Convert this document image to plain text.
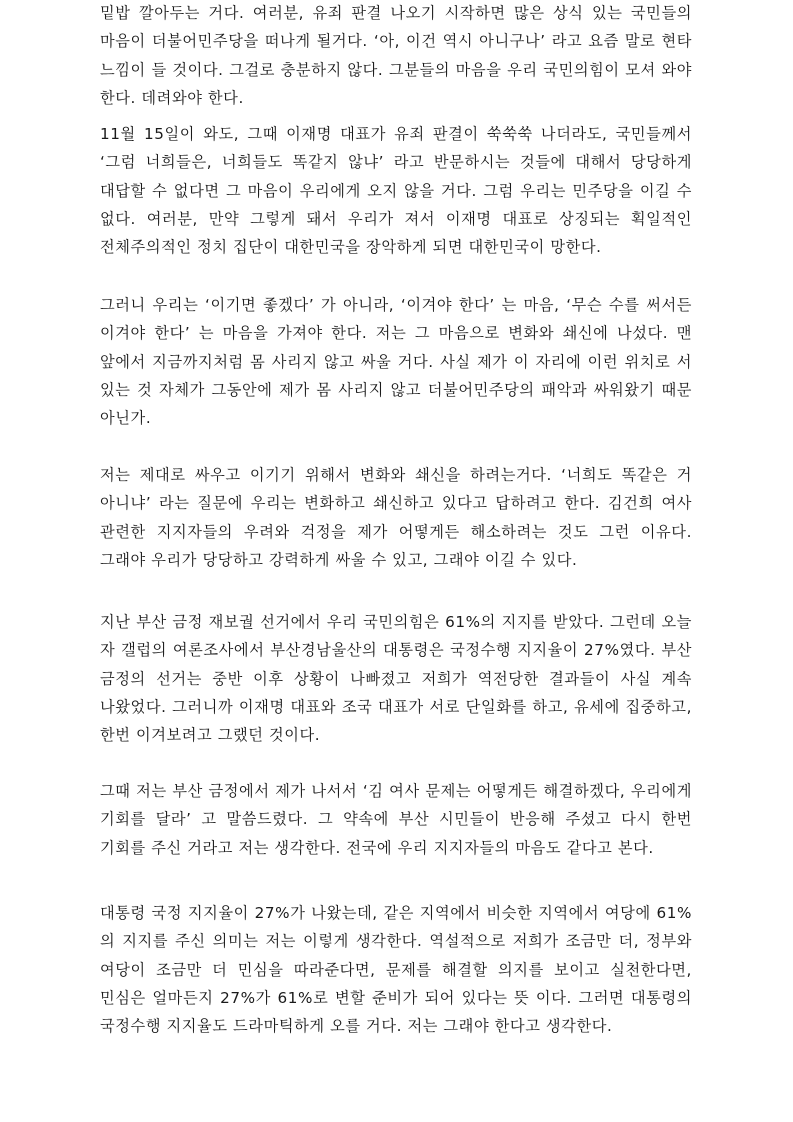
밑밥 깔아두는 거다. 여러분, 유죄 판결 나오기 시작하면 많은 상식 있는 국민들의 마음이 더불어민주당을 떠나게 될거다. ‘아, 이건 역시 아니구나’ 라고 요즘 말로 현타 느낌이 들 것이다. 그걸로 충분하지 않다. 그분들의 마음을 우리 국민의힘이 모셔 와야 한다. 데려와야 한다.

11월 15일이 와도, 그때 이재명 대표가 유죄 판결이 쑥쑥쑥 나더라도, 국민들께서 ‘그럼 너희들은, 너희들도 똑같지 않냐’ 라고 반문하시는 것들에 대해서 당당하게 대답할 수 없다면 그 마음이 우리에게 오지 않을 거다. 그럼 우리는 민주당을 이길 수 없다. 여러분, 만약 그렇게 돼서 우리가 져서 이재명 대표로 상징되는 획일적인 전체주의적인 정치 집단이 대한민국을 장악하게 되면 대한민국이 망한다.

그러니 우리는 ‘이기면 좋겠다’ 가 아니라, ‘이겨야 한다’ 는 마음, ‘무슨 수를 써서든 이겨야 한다’ 는 마음을 가져야 한다. 저는 그 마음으로 변화와 쇄신에 나섰다. 맨 앞에서 지금까지처럼 몸 사리지 않고 싸울 거다. 사실 제가 이 자리에 이런 위치로 서 있는 것 자체가 그동안에 제가 몸 사리지 않고 더불어민주당의 패악과 싸워왔기 때문 아닌가.

저는 제대로 싸우고 이기기 위해서 변화와 쇄신을 하려는거다. ‘너희도 똑같은 거 아니냐’ 라는 질문에 우리는 변화하고 쇄신하고 있다고 답하려고 한다. 김건희 여사 관련한 지지자들의 우려와 걱정을 제가 어떻게든 해소하려는 것도 그런 이유다. 그래야 우리가 당당하고 강력하게 싸울 수 있고, 그래야 이길 수 있다.

지난 부산 금정 재보궐 선거에서 우리 국민의힘은 61%의 지지를 받았다. 그런데 오늘 자 갤럽의 여론조사에서 부산경남울산의 대통령은 국정수행 지지율이 27%였다. 부산 금정의 선거는 중반 이후 상황이 나빠졌고 저희가 역전당한 결과들이 사실 계속 나왔었다. 그러니까 이재명 대표와 조국 대표가 서로 단일화를 하고, 유세에 집중하고, 한번 이겨보려고 그랬던 것이다.

그때 저는 부산 금정에서 제가 나서서 ‘김 여사 문제는 어떻게든 해결하겠다, 우리에게 기회를 달라’ 고 말씀드렸다. 그 약속에 부산 시민들이 반응해 주셨고 다시 한번 기회를 주신 거라고 저는 생각한다. 전국에 우리 지지자들의 마음도 같다고 본다.

대통령 국정 지지율이 27%가 나왔는데, 같은 지역에서 비슷한 지역에서 여당에 61%의 지지를 주신 의미는 저는 이렇게 생각한다. 역설적으로 저희가 조금만 더, 정부와 여당이 조금만 더 민심을 따라준다면, 문제를 해결할 의지를 보이고 실천한다면, 민심은 얼마든지 27%가 61%로 변할 준비가 되어 있다는 뜻 이다. 그러면 대통령의 국정수행 지지율도 드라마틱하게 오를 거다. 저는 그래야 한다고 생각한다.
